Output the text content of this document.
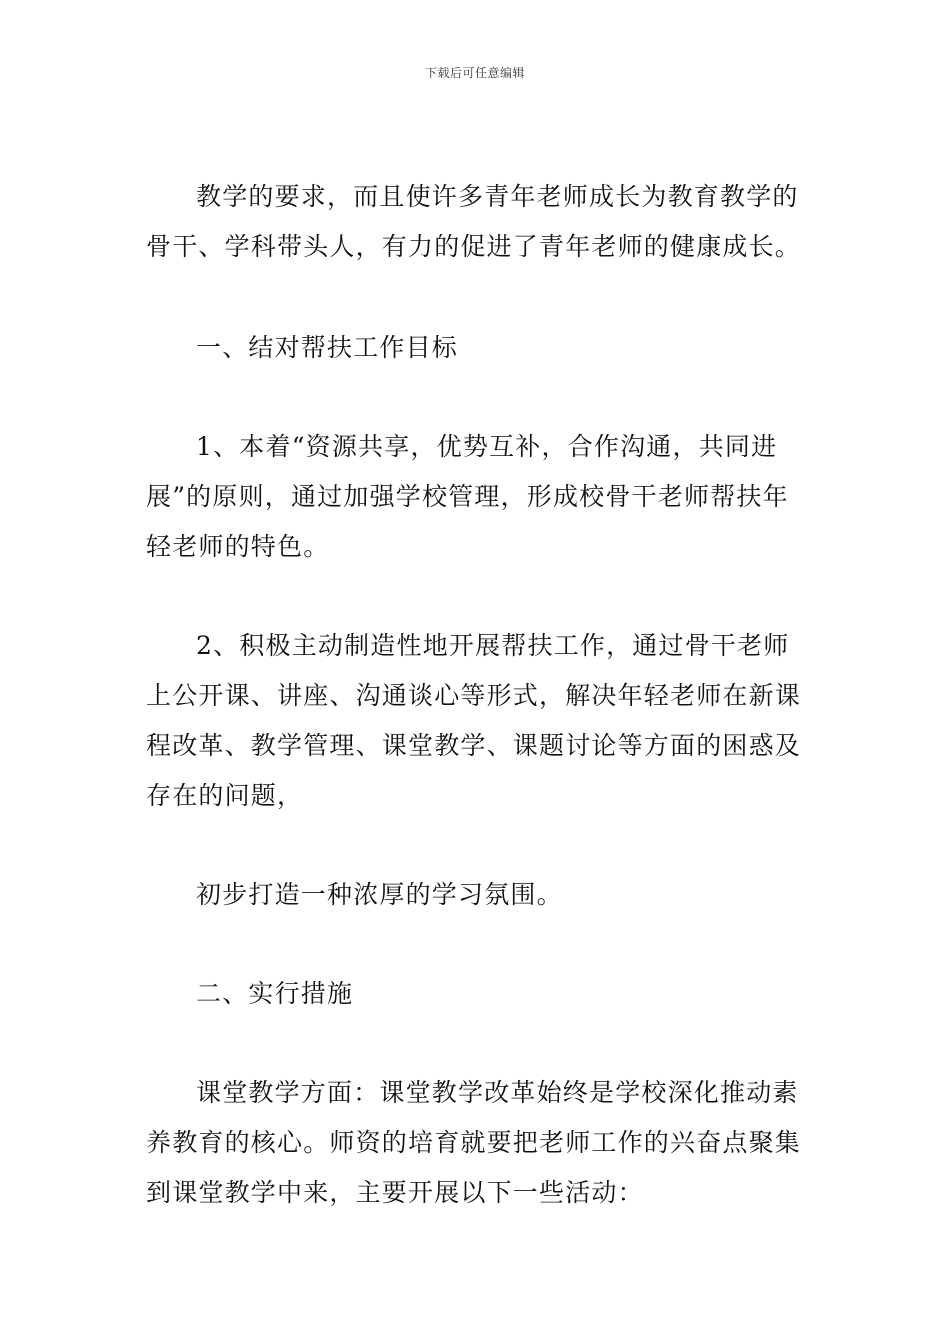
下载后可任意编辑

教学的要求，而且使许多青年老师成长为教育教学的骨干、学科带头人，有力的促进了青年老师的健康成长。

一、结对帮扶工作目标

1、本着“资源共享，优势互补，合作沟通，共同进展”的原则，通过加强学校管理，形成校骨干老师帮扶年轻老师的特色。

2、积极主动制造性地开展帮扶工作，通过骨干老师上公开课、讲座、沟通谈心等形式，解决年轻老师在新课程改革、教学管理、课堂教学、课题讨论等方面的困惑及存在的问题，

初步打造一种浓厚的学习氛围。

二、实行措施

课堂教学方面：课堂教学改革始终是学校深化推动素养教育的核心。师资的培育就要把老师工作的兴奋点聚集到课堂教学中来，主要开展以下一些活动：
